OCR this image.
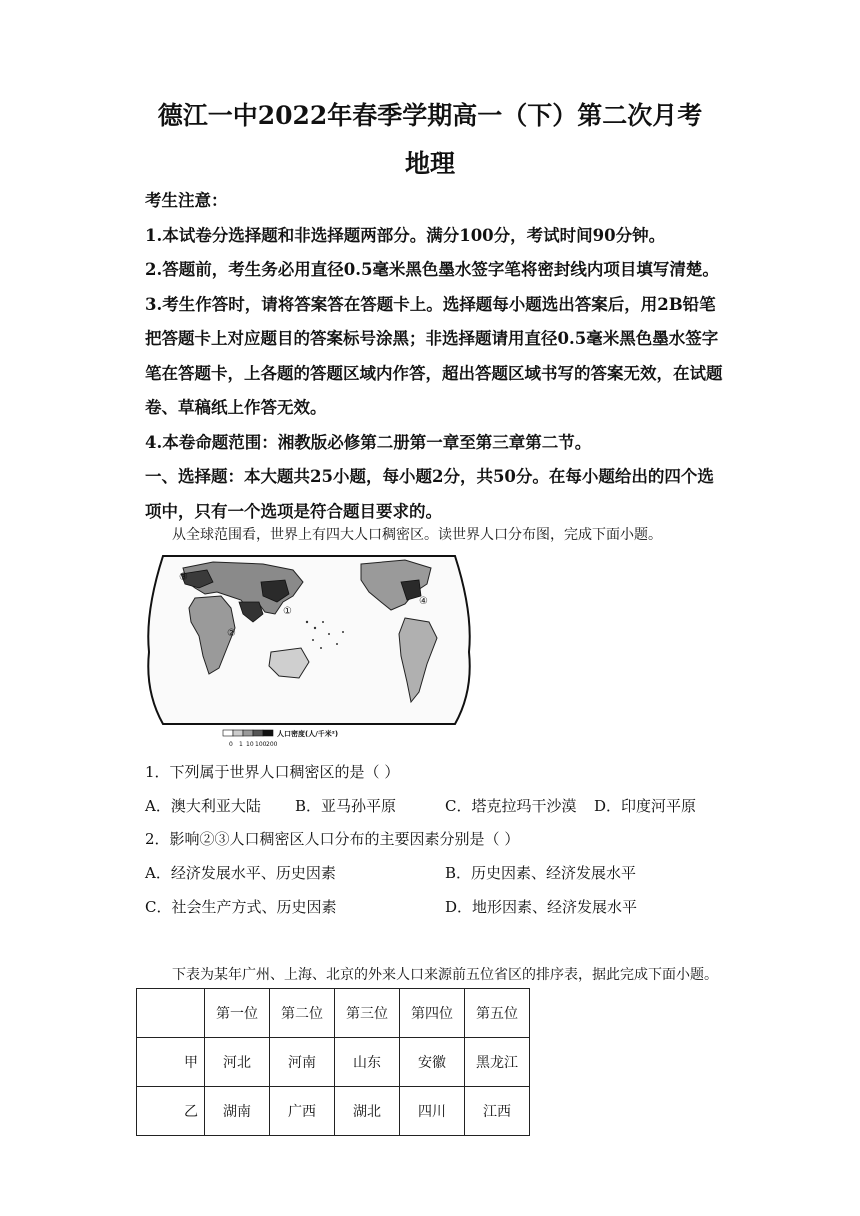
德江一中2022年春季学期高一（下）第二次月考
地理

考生注意：

1.本试卷分选择题和非选择题两部分。满分100分，考试时间90分钟。

2.答题前，考生务必用直径0.5毫米黑色墨水签字笔将密封线内项目填写清楚。

3.考生作答时，请将答案答在答题卡上。选择题每小题选出答案后，用2B铅笔

把答题卡上对应题目的答案标号涂黑；非选择题请用直径0.5毫米黑色墨水签字

笔在答题卡，上各题的答题区域内作答，超出答题区域书写的答案无效，在试题

卷、草稿纸上作答无效。

4.本卷命题范围：湘教版必修第二册第一章至第三章第二节。

一、选择题：本大题共25小题，每小题2分，共50分。在每小题给出的四个选

项中，只有一个选项是符合题目要求的。

从全球范围看，世界上有四大人口稠密区。读世界人口分布图，完成下面小题。
①
②
③
④
人口密度(人/千米²)
0 1 10 100 200
1．下列属于世界人口稠密区的是（ ）
A．澳大利亚大陆 B．亚马孙平原	C．塔克拉玛干沙漠 D．印度河平原
2．影响②③人口稠密区人口分布的主要因素分别是（ ）
A．经济发展水平、历史因素	B．历史因素、经济发展水平
C．社会生产方式、历史因素	D．地形因素、经济发展水平
下表为某年广州、上海、北京的外来人口来源前五位省区的排序表，据此完成下面小题。
	第一位	第二位	第三位	第四位	第五位
甲	河北	河南	山东	安徽	黑龙江
乙	湖南	广西	湖北	四川	江西
